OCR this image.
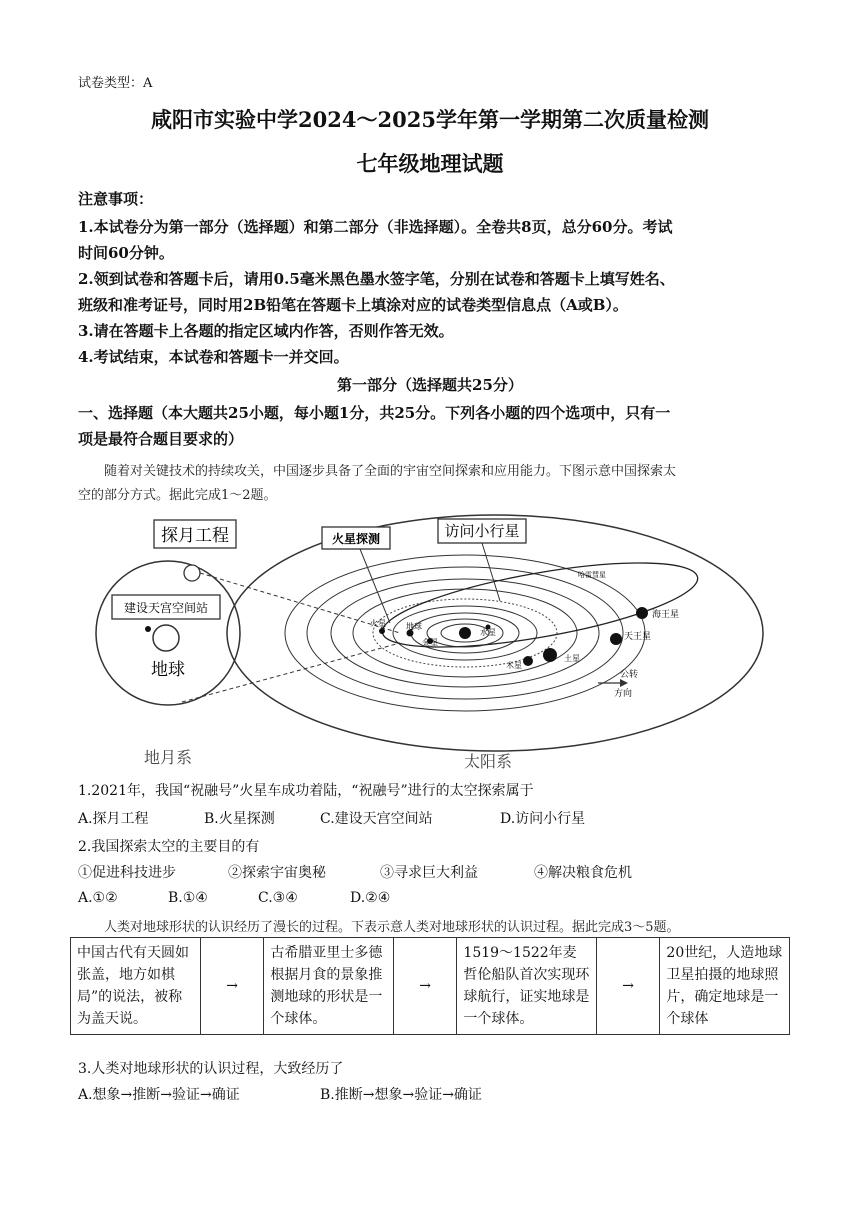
试卷类型：A
咸阳市实验中学2024～2025学年第一学期第二次质量检测
七年级地理试题
注意事项：
1.本试卷分为第一部分（选择题）和第二部分（非选择题）。全卷共8页，总分60分。考试
时间60分钟。
2.领到试卷和答题卡后，请用0.5毫米黑色墨水签字笔，分别在试卷和答题卡上填写姓名、
班级和准考证号，同时用2B铅笔在答题卡上填涂对应的试卷类型信息点（A或B）。
3.请在答题卡上各题的指定区域内作答，否则作答无效。
4.考试结束，本试卷和答题卡一并交回。
第一部分（选择题共25分）
一、选择题（本大题共25小题，每小题1分，共25分。下列各小题的四个选项中，只有一
项是最符合题目要求的）
随着对关键技术的持续攻关，中国逐步具备了全面的宇宙空间探索和应用能力。下图示意中国探索太
空的部分方式。据此完成1～2题。
探月工程
建设天宫空间站
地球
火星探测	访问小行星
哈雷彗星
海王星
天王星
土星
木星
火星	地球
金星
水星
公转
方向
地月系	太阳系
1.2021年，我国“祝融号”火星车成功着陆，“祝融号”进行的太空探索属于
A.探月工程	B.火星探测	C.建设天宫空间站	D.访问小行星
2.我国探索太空的主要目的有
①促进科技进步	②探索宇宙奥秘	③寻求巨大利益	④解决粮食危机
A.①②	B.①④	C.③④	D.②④
人类对地球形状的认识经历了漫长的过程。下表示意人类对地球形状的认识过程。据此完成3～5题。
中国古代有天圆如张盖，地方如棋局”的说法，被称为盖天说。	→	古希腊亚里士多德根据月食的景象推测地球的形状是一个球体。	→	1519～1522年麦哲伦船队首次实现环球航行，证实地球是一个球体。	→	20世纪，人造地球卫星拍摄的地球照片，确定地球是一个球体
3.人类对地球形状的认识过程，大致经历了
A.想象→推断→验证→确证	B.推断→想象→验证→确证
